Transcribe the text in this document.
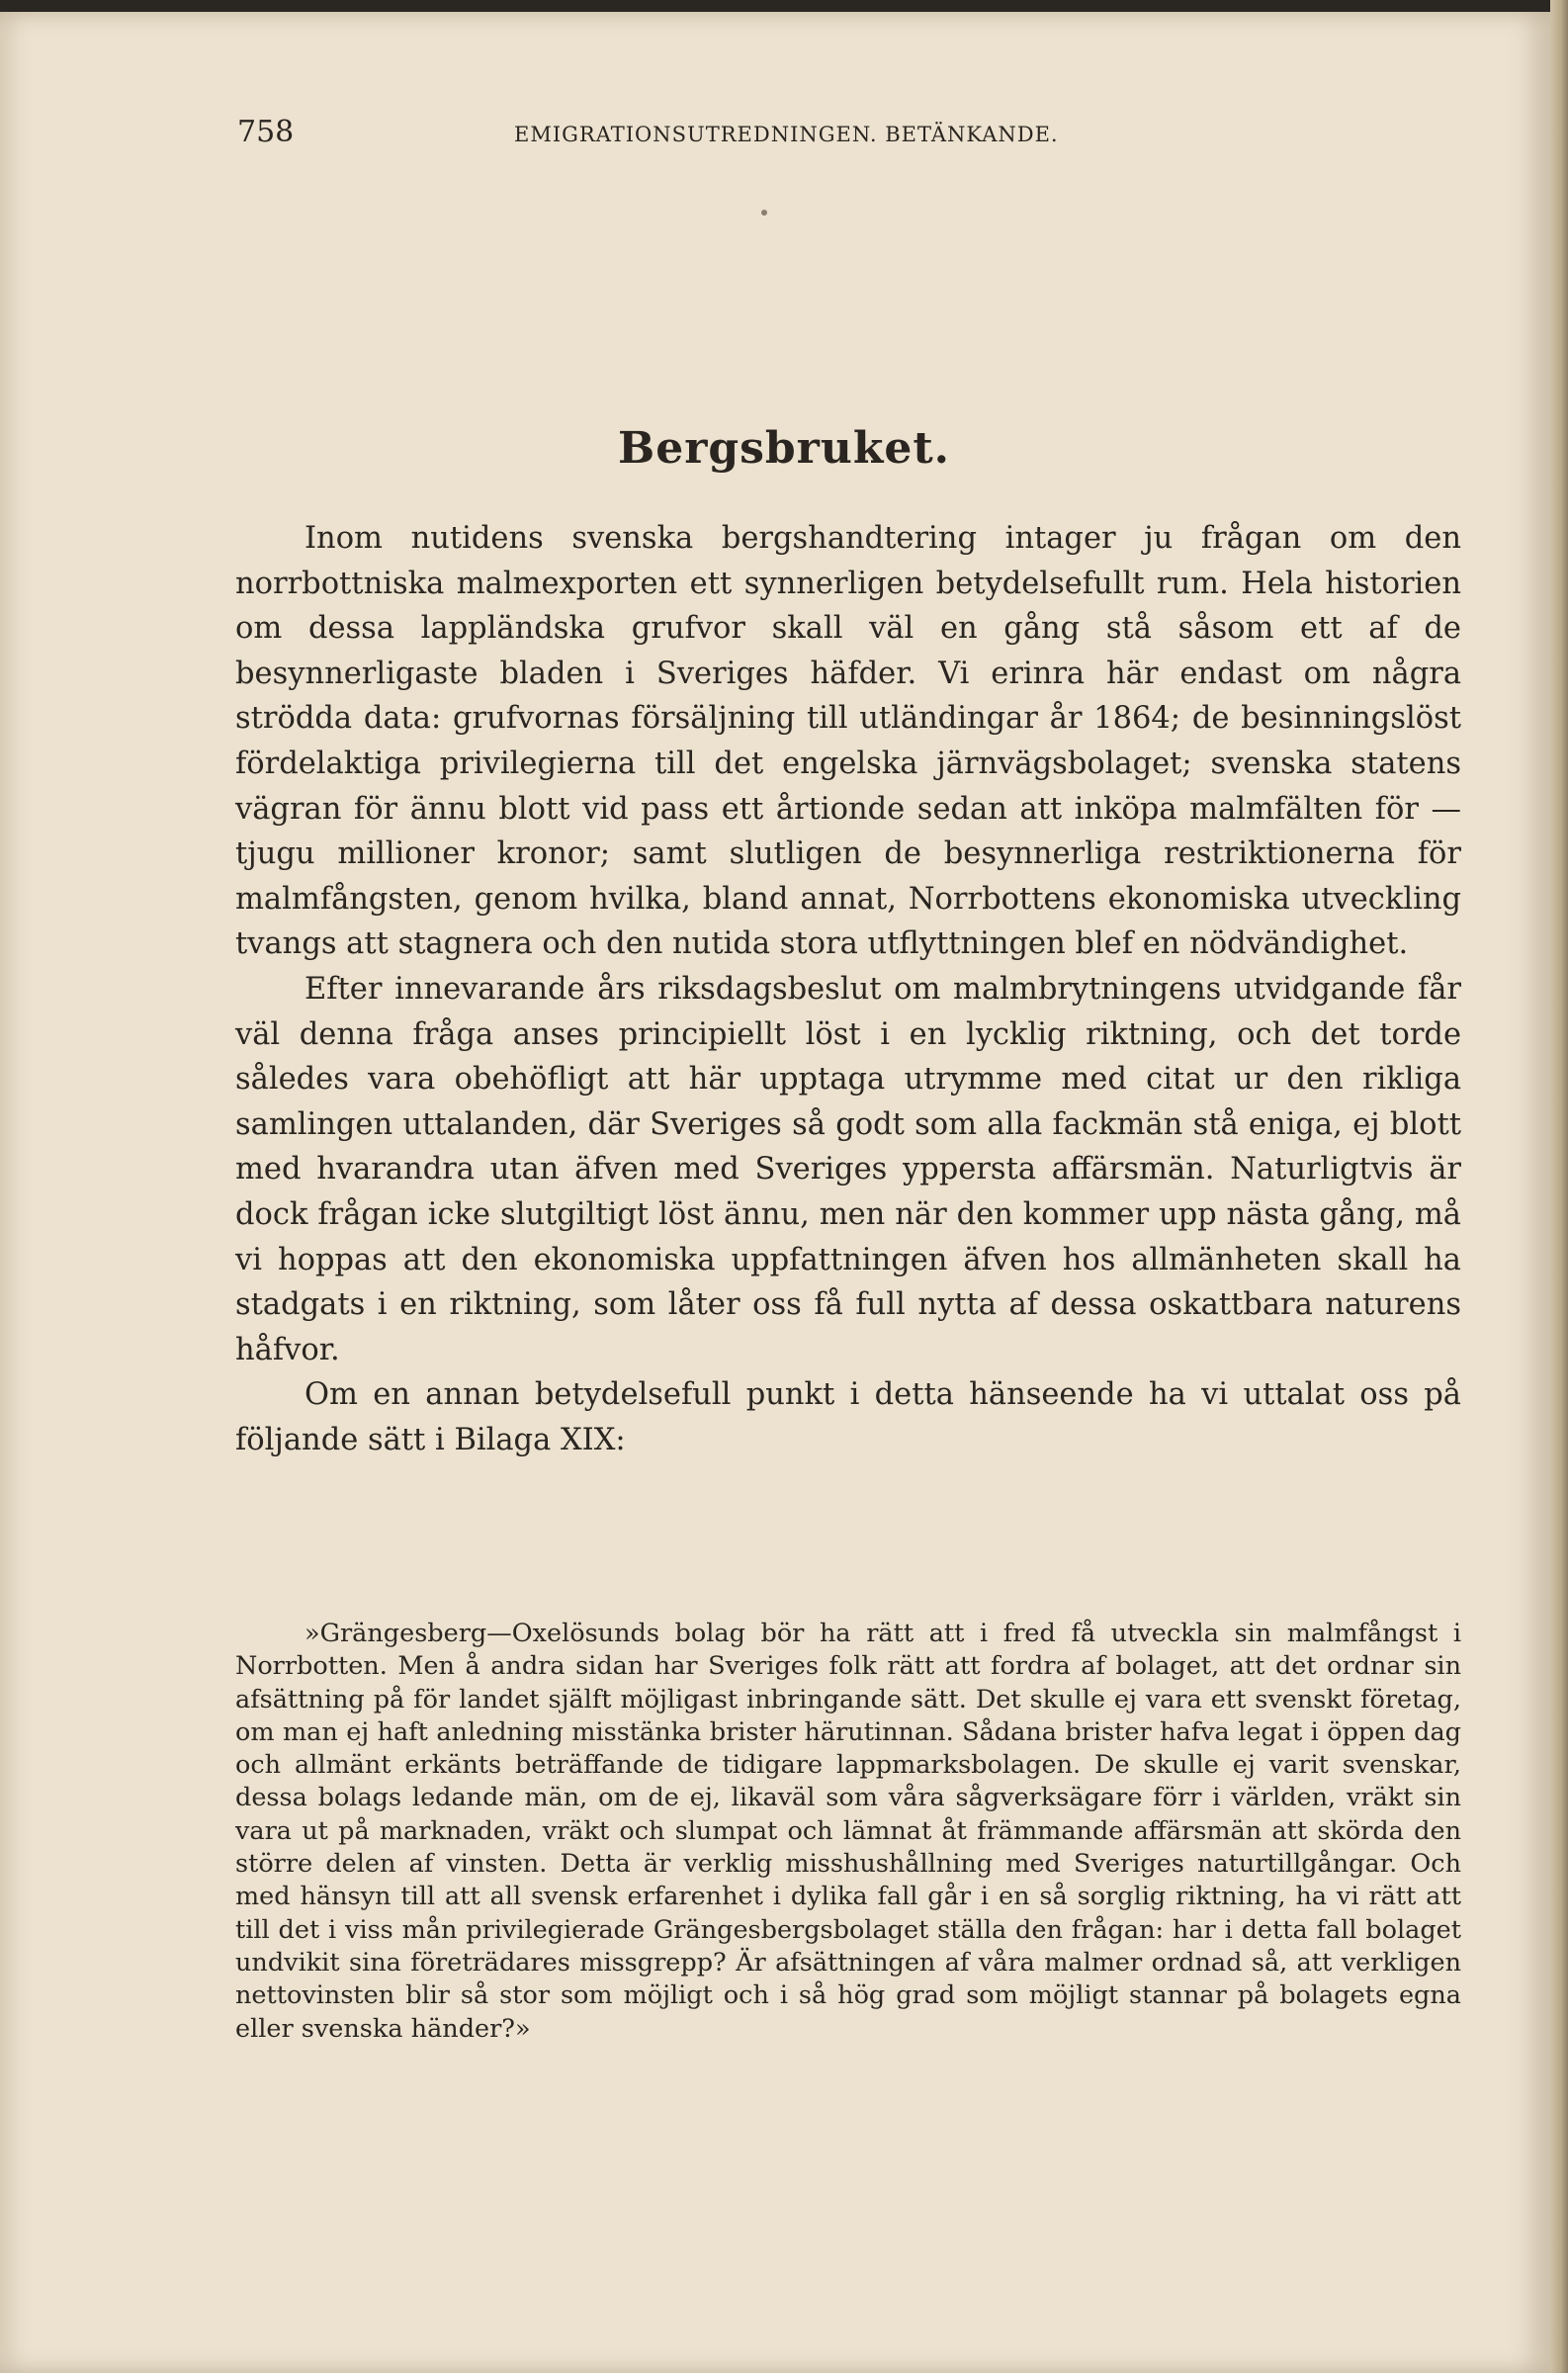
758	EMIGRATIONSUTREDNINGEN. BETÄNKANDE.
Bergsbruket.

Inom nutidens svenska bergshandtering intager ju frågan om den norrbottniska malmexporten ett synnerligen betydelsefullt rum. Hela historien om dessa lappländska grufvor skall väl en gång stå såsom ett af de besynnerligaste bladen i Sveriges häfder. Vi erinra här endast om några strödda data: grufvornas försäljning till utländingar år 1864; de besinningslöst fördelaktiga privilegierna till det engelska järnvägsbolaget; svenska statens vägran för ännu blott vid pass ett årtionde sedan att inköpa malmfälten för — tjugu millioner kronor; samt slutligen de besynnerliga restriktionerna för malmfångsten, genom hvilka, bland annat, Norrbottens ekonomiska utveckling tvangs att stagnera och den nutida stora utflyttningen blef en nödvändighet.

Efter innevarande års riksdagsbeslut om malmbrytningens utvidgande får väl denna fråga anses principiellt löst i en lycklig riktning, och det torde således vara obehöfligt att här upptaga utrymme med citat ur den rikliga samlingen uttalanden, där Sveriges så godt som alla fackmän stå eniga, ej blott med hvarandra utan äfven med Sveriges yppersta affärsmän. Naturligtvis är dock frågan icke slutgiltigt löst ännu, men när den kommer upp nästa gång, må vi hoppas att den ekonomiska uppfattningen äfven hos allmänheten skall ha stadgats i en riktning, som låter oss få full nytta af dessa oskattbara naturens håfvor.

Om en annan betydelsefull punkt i detta hänseende ha vi uttalat oss på följande sätt i Bilaga XIX:

»Grängesberg—Oxelösunds bolag bör ha rätt att i fred få utveckla sin malmfångst i Norrbotten. Men å andra sidan har Sveriges folk rätt att fordra af bolaget, att det ordnar sin afsättning på för landet själft möjligast inbringande sätt. Det skulle ej vara ett svenskt företag, om man ej haft anledning misstänka brister härutinnan. Sådana brister hafva legat i öppen dag och allmänt erkänts beträffande de tidigare lappmarksbolagen. De skulle ej varit svenskar, dessa bolags ledande män, om de ej, likaväl som våra sågverksägare förr i världen, vräkt sin vara ut på marknaden, vräkt och slumpat och lämnat åt främmande affärsmän att skörda den större delen af vinsten. Detta är verklig misshushållning med Sveriges naturtillgångar. Och med hänsyn till att all svensk erfarenhet i dylika fall går i en så sorglig riktning, ha vi rätt att till det i viss mån privilegierade Grängesbergsbolaget ställa den frågan: har i detta fall bolaget undvikit sina företrädares missgrepp? Är afsättningen af våra malmer ordnad så, att verkligen nettovinsten blir så stor som möjligt och i så hög grad som möjligt stannar på bolagets egna eller svenska händer?»
